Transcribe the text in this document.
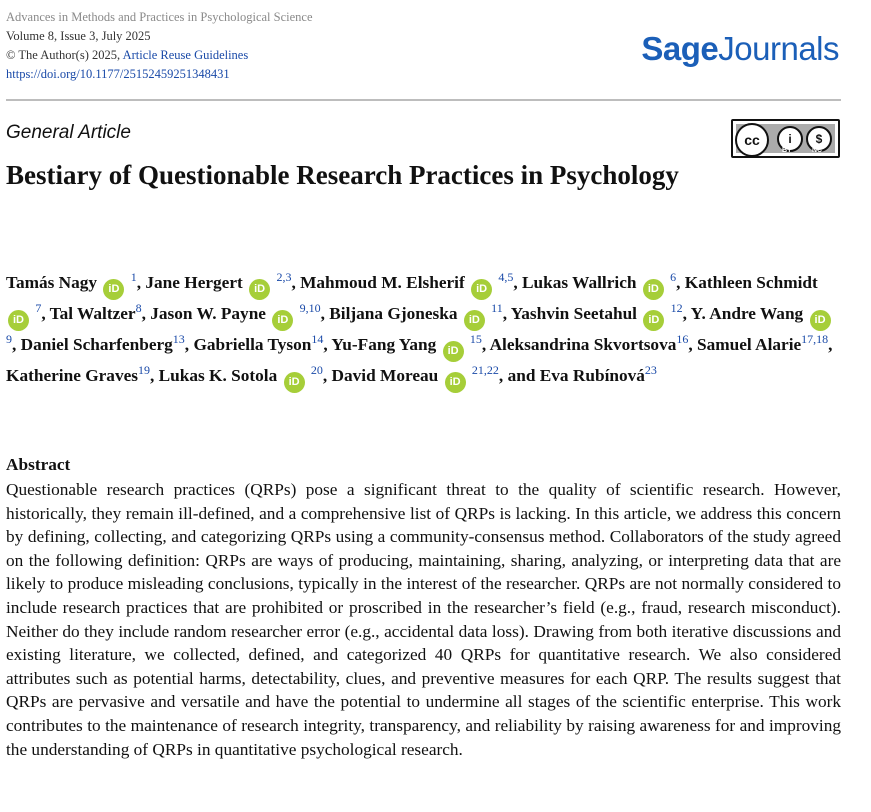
Advances in Methods and Practices in Psychological Science
Volume 8, Issue 3, July 2025
© The Author(s) 2025, Article Reuse Guidelines
https://doi.org/10.1177/25152459251348431
SageJournals
General Article	cc	i	$
BY	NC
Bestiary of Questionable Research Practices in Psychology
Tamás Nagy iD $^1$, Jane Hergert iD $^{2,3}$, Mahmoud M. Elsherif iD $^{4,5}$, Lukas Wallrich iD $^6$, Kathleen Schmidt iD $^7$, Tal Waltzer$^8$, Jason W. Payne iD $^{9,10}$, Biljana Gjoneska iD $^{11}$, Yashvin Seetahul iD $^{12}$, Y. Andre Wang iD $^9$, Daniel Scharfenberg$^{13}$, Gabriella Tyson$^{14}$, Yu-Fang Yang iD $^{15}$, Aleksandrina Skvortsova$^{16}$, Samuel Alarie$^{17,18}$, Katherine Graves$^{19}$, Lukas K. Sotola iD $^{20}$, David Moreau iD $^{21,22}$, and Eva Rubínová$^{23}$
Abstract

Questionable research practices (QRPs) pose a significant threat to the quality of scientific research. However, historically, they remain ill-defined, and a comprehensive list of QRPs is lacking. In this article, we address this concern by defining, collecting, and categorizing QRPs using a community-consensus method. Collaborators of the study agreed on the following definition: QRPs are ways of producing, maintaining, sharing, analyzing, or interpreting data that are likely to produce misleading conclusions, typically in the interest of the researcher. QRPs are not normally considered to include research practices that are prohibited or proscribed in the researcher’s field (e.g., fraud, research misconduct). Neither do they include random researcher error (e.g., accidental data loss). Drawing from both iterative discussions and existing literature, we collected, defined, and categorized 40 QRPs for quantitative research. We also considered attributes such as potential harms, detectability, clues, and preventive measures for each QRP. The results suggest that QRPs are pervasive and versatile and have the potential to undermine all stages of the scientific enterprise. This work contributes to the maintenance of research integrity, transparency, and reliability by raising awareness for and improving the understanding of QRPs in quantitative psychological research.
